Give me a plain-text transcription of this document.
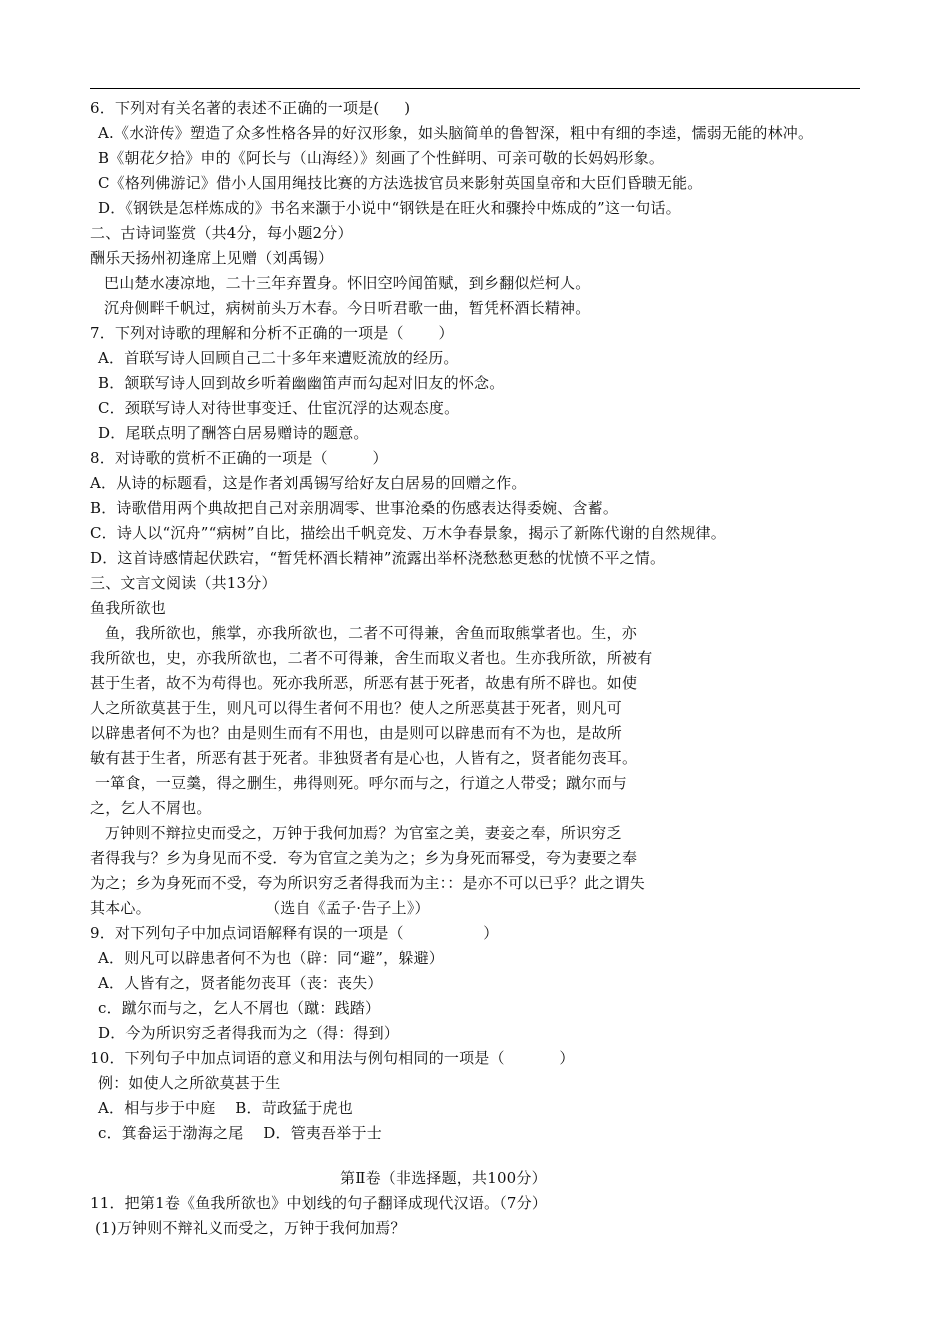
6．下列对有关名著的表述不正确的一项是(     )
A.《水浒传》塑造了众多性格各异的好汉形象，如头脑简单的鲁智深，粗中有细的李逵，懦弱无能的林冲。
B《朝花夕拾》申的《阿长与（山海经）》刻画了个性鲜明、可亲可敬的长妈妈形象。
C《格列佛游记》借小人国用绳技比赛的方法选拔官员来影射英国皇帝和大臣们昏聩无能。
D．《钢铁是怎样炼成的》书名来灏于小说中“钢铁是在旺火和骤拎中炼成的”这一句话。
二、古诗词鉴赏（共4分，每小题2分）
酬乐天扬州初逢席上见赠（刘禹锡）
巴山楚水凄凉地，二十三年弃置身。怀旧空吟闻笛赋，到乡翻似烂柯人。
沉舟侧畔千帆过，病树前头万木春。今日听君歌一曲，暂凭杯酒长精神。
7．下列对诗歌的理解和分析不正确的一项是（       ）
A．首联写诗人回顾自己二十多年来遭贬流放的经历。
B．颔联写诗人回到故乡听着幽幽笛声而勾起对旧友的怀念。
C．颈联写诗人对待世事变迁、仕宦沉浮的达观态度。
D．尾联点明了酬答白居易赠诗的题意。
8．对诗歌的赏析不正确的一项是（         ）
A．从诗的标题看，这是作者刘禹锡写给好友白居易的回赠之作。
B．诗歌借用两个典故把自己对亲朋凋零、世事沧桑的伤感表达得委婉、含蓄。
C．诗人以“沉舟”“病树”自比，描绘出千帆竞发、万木争春景象，揭示了新陈代谢的自然规律。
D．这首诗感情起伏跌宕，“暂凭杯酒长精神”流露出举杯浇愁愁更愁的忧愤不平之情。
三、文言文阅读（共13分）
鱼我所欲也
鱼，我所欲也，熊掌，亦我所欲也，二者不可得兼，舍鱼而取熊掌者也。生，亦
我所欲也，史，亦我所欲也，二者不可得兼，舍生而取义者也。生亦我所欲，所被有
甚于生者，故不为苟得也。死亦我所恶，所恶有甚于死者，故患有所不辟也。如使
人之所欲莫甚于生，则凡可以得生者何不用也？使人之所恶莫甚于死者，则凡可
以辟患者何不为也？由是则生而有不用也，由是则可以辟患而有不为也，是故所
敏有甚于生者，所恶有甚于死者。非独贤者有是心也，人皆有之，贤者能勿丧耳。
一箪食，一豆羹，得之删生，弗得则死。呼尔而与之，行道之人带受；蹴尔而与
之，乞人不屑也。
万钟则不辩拉史而受之，万钟于我何加焉？为官室之美，妻妾之奉，所识穷乏
者得我与？乡为身见而不受．夸为官宣之美为之；乡为身死而幂受，夸为妻要之奉
为之；乡为身死而不受，夸为所识穷乏者得我而为主：：是亦不可以已乎？此之谓失
其本心。                       （选自《孟子·告子上》）
9．对下列句子中加点词语解释有误的一项是（                ）
A．则凡可以辟患者何不为也（辟：同“避”，躲避）
A．人皆有之，贤者能勿丧耳（丧：丧失）
c．蹴尔而与之，乞人不屑也（蹴：践踏）
D．今为所识穷乏者得我而为之（得：得到）
10．下列句子中加点词语的意义和用法与例句相同的一项是（           ）
例：如使人之所欲莫甚于生
A．相与步于中庭    B．苛政猛于虎也
c．箕畚运于渤海之尾    D．管夷吾举于士
第Ⅱ卷（非选择题，共100分）
11．把第1卷《鱼我所欲也》中划线的句子翻译成现代汉语。（7分）
(1)万钟则不辩礼义而受之，万钟于我何加焉？
